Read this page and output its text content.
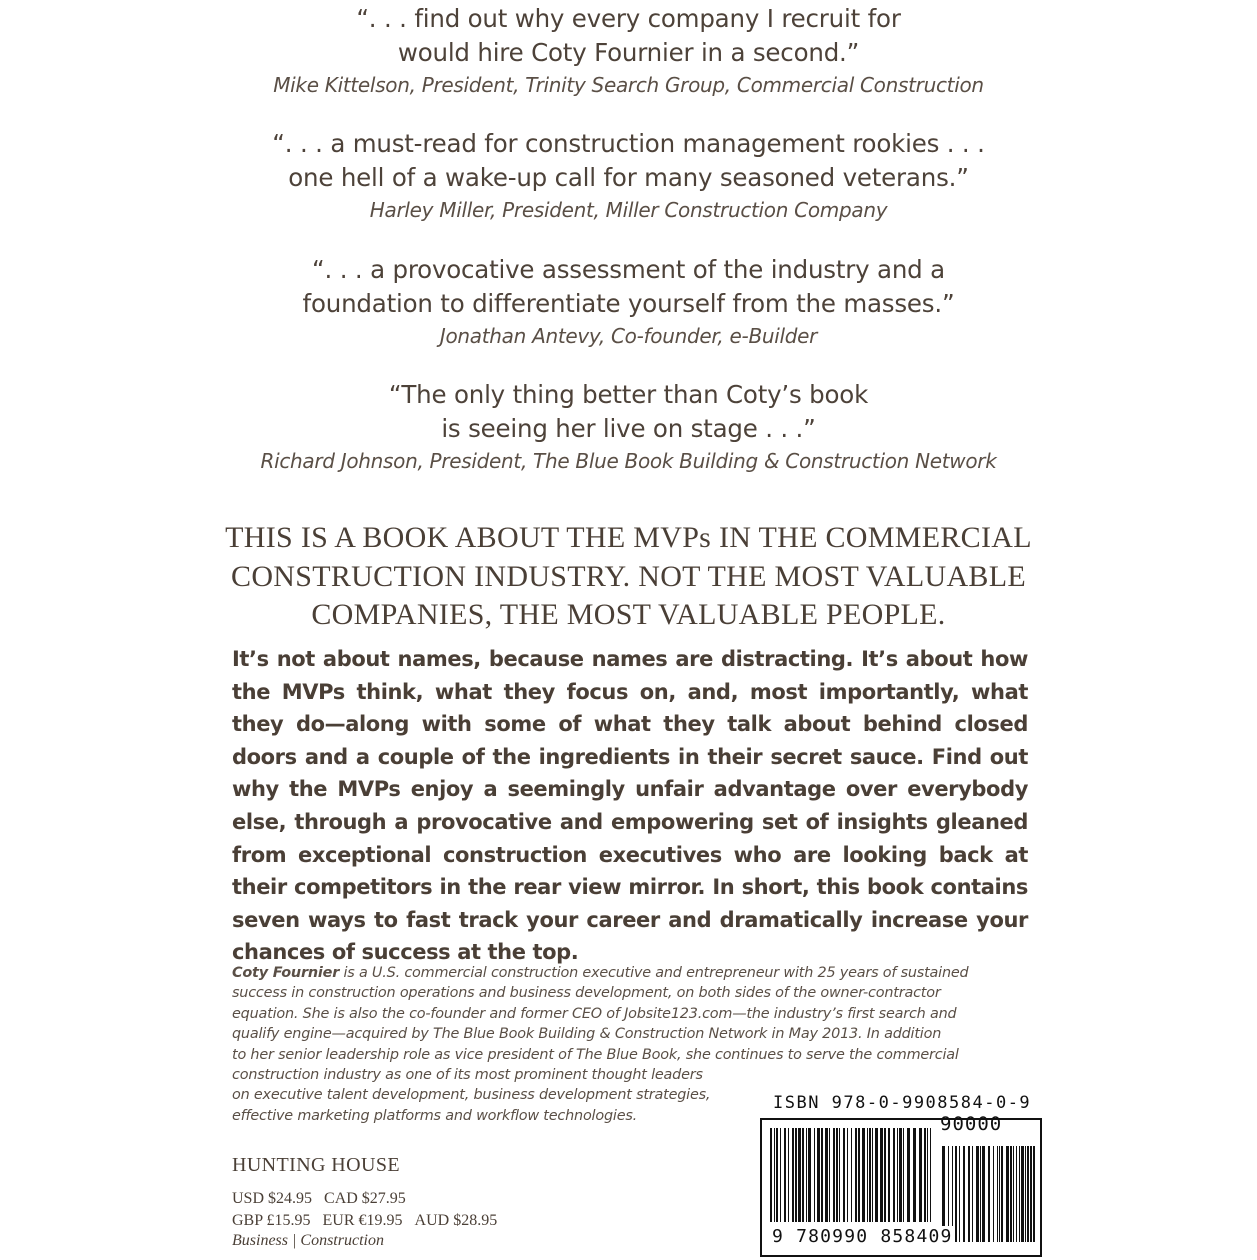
“. . . find out why every company I recruit for
would hire Coty Fournier in a second.”
Mike Kittelson, President, Trinity Search Group, Commercial Construction
“. . . a must-read for construction management rookies . . .
one hell of a wake-up call for many seasoned veterans.”
Harley Miller, President, Miller Construction Company
“. . . a provocative assessment of the industry and a
foundation to differentiate yourself from the masses.”
Jonathan Antevy, Co-founder, e-Builder
“The only thing better than Coty’s book
is seeing her live on stage . . .”
Richard Johnson, President, The Blue Book Building & Construction Network
THIS IS A BOOK ABOUT THE MVPs IN THE COMMERCIAL
CONSTRUCTION INDUSTRY. NOT THE MOST VALUABLE
COMPANIES, THE MOST VALUABLE PEOPLE.
It’s not about names, because names are distracting. It’s about how the MVPs think, what they focus on, and, most importantly, what they do—along with some of what they talk about behind closed doors and a couple of the ingredients in their secret sauce. Find out why the MVPs enjoy a seemingly unfair advantage over everybody else, through a provocative and empowering set of insights gleaned from exceptional construction executives who are looking back at their competitors in the rear view mirror. In short, this book contains seven ways to fast track your career and dramatically increase your chances of success at the top.
Coty Fournier is a U.S. commercial construction executive and entrepreneur with 25 years of sustained
success in construction operations and business development, on both sides of the owner-contractor
equation. She is also the co-founder and former CEO of Jobsite123.com—the industry’s first search and
qualify engine—acquired by The Blue Book Building & Construction Network in May 2013. In addition
to her senior leadership role as vice president of The Blue Book, she continues to serve the commercial
construction industry as one of its most prominent thought leaders
on executive talent development, business development strategies,
effective marketing platforms and workflow technologies.
HUNTING HOUSE
USD $24.95 CAD $27.95
GBP £15.95 EUR €19.95 AUD $28.95
Business | Construction
ISBN 978-0-9908584-0-9
90000
9 780990 858409
